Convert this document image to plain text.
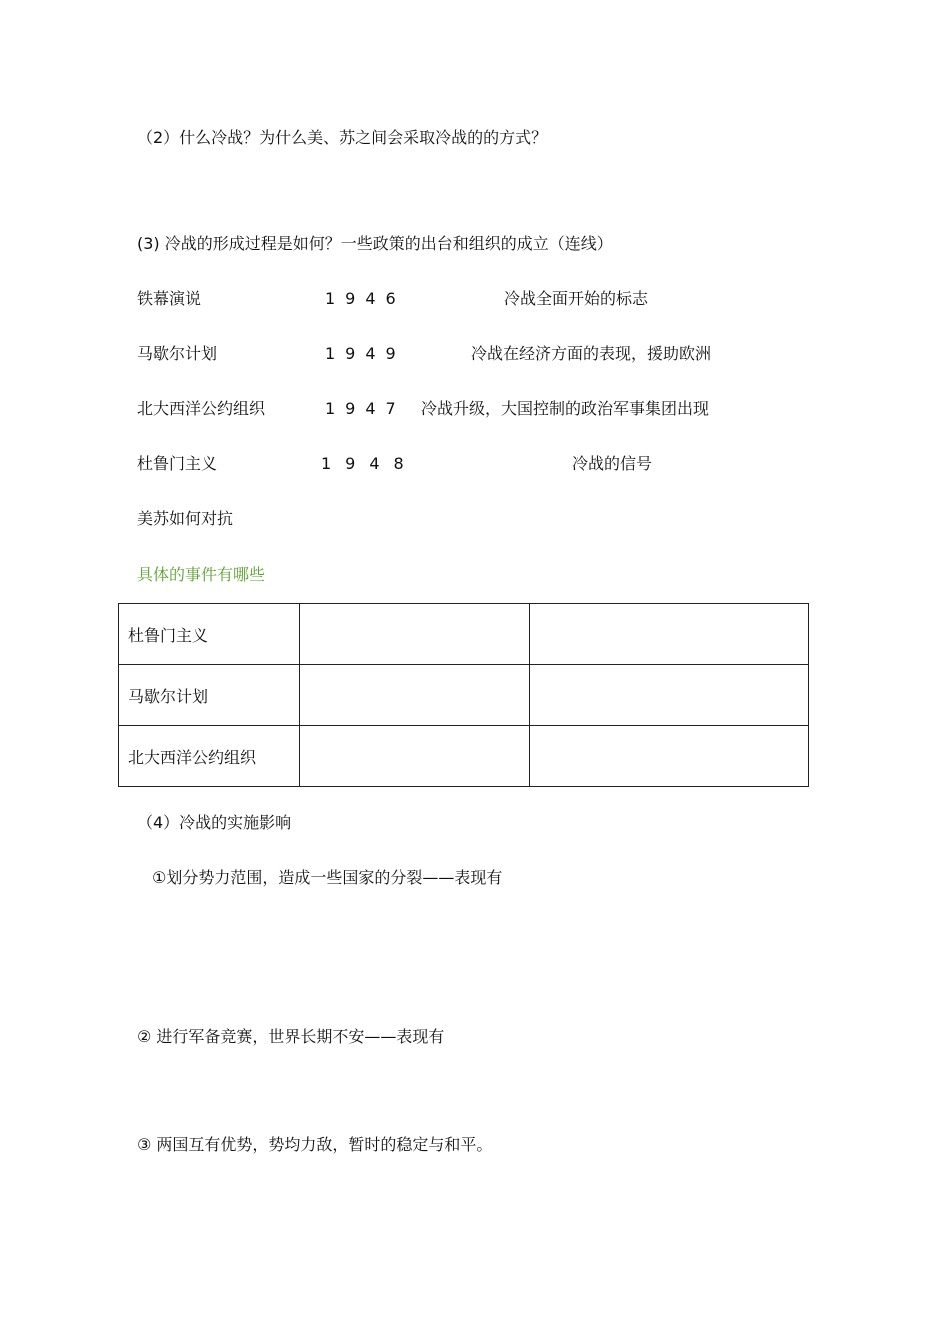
（2）什么冷战？为什么美、苏之间会采取冷战的的方式？
(3) 冷战的形成过程是如何？一些政策的出台和组织的成立（连线）
铁幕演说	1946	冷战全面开始的标志
马歇尔计划	1949	冷战在经济方面的表现，援助欧洲
北大西洋公约组织	1947 冷战升级，大国控制的政治军事集团出现
杜鲁门主义	1948	冷战的信号
美苏如何对抗
具体的事件有哪些
杜鲁门主义		
马歇尔计划		
北大西洋公约组织		
（4）冷战的实施影响
①划分势力范围，造成一些国家的分裂——表现有
② 进行军备竞赛，世界长期不安——表现有
③ 两国互有优势，势均力敌，暂时的稳定与和平。
